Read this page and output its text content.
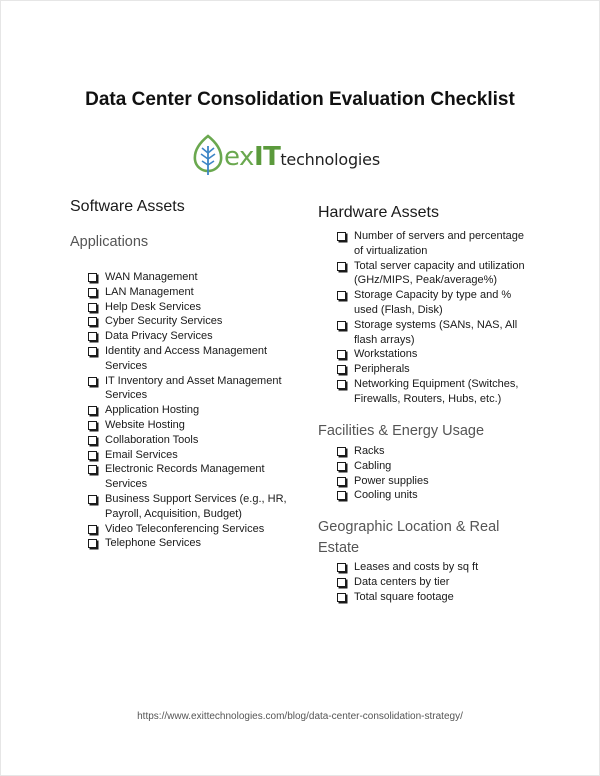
Data Center Consolidation Evaluation Checklist
exITtechnologies
Software Assets
Applications
WAN Management
LAN Management
Help Desk Services
Cyber Security Services
Data Privacy Services
Identity and Access Management Services
IT Inventory and Asset Management Services
Application Hosting
Website Hosting
Collaboration Tools
Email Services
Electronic Records Management Services
Business Support Services (e.g., HR, Payroll, Acquisition, Budget)
Video Teleconferencing Services
Telephone Services
Hardware Assets
Number of servers and percentage of virtualization
Total server capacity and utilization (GHz/MIPS, Peak/average%)
Storage Capacity by type and % used (Flash, Disk)
Storage systems (SANs, NAS, All flash arrays)
Workstations
Peripherals
Networking Equipment (Switches, Firewalls, Routers, Hubs, etc.)
Facilities & Energy Usage
Racks
Cabling
Power supplies
Cooling units
Geographic Location & Real Estate
Leases and costs by sq ft
Data centers by tier
Total square footage
https://www.exittechnologies.com/blog/data-center-consolidation-strategy/
